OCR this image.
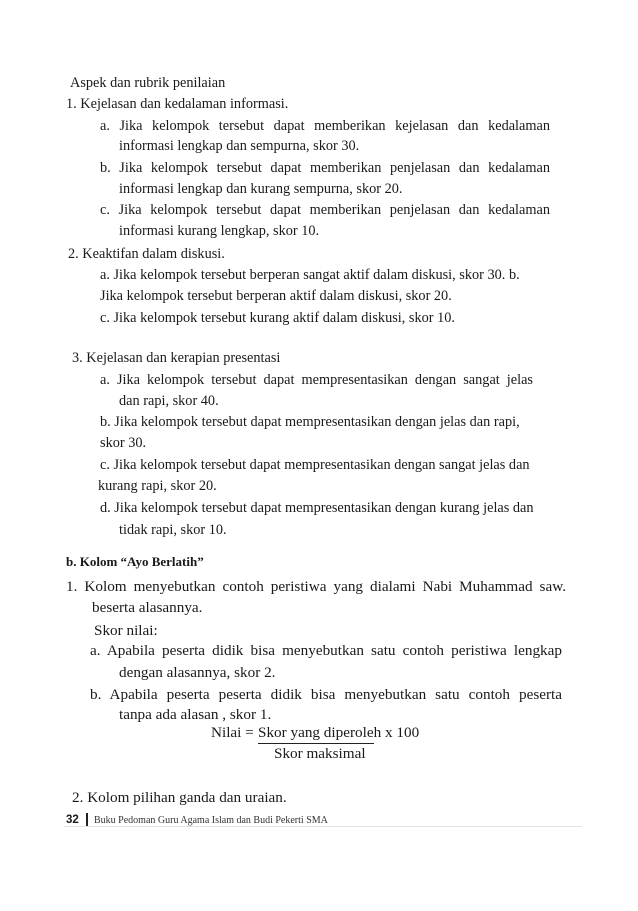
Aspek dan rubrik penilaian
1. Kejelasan dan kedalaman informasi.
a. Jika kelompok tersebut dapat memberikan kejelasan dan kedalaman
informasi lengkap dan sempurna, skor 30.
b. Jika kelompok tersebut dapat memberikan penjelasan dan kedalaman
informasi lengkap dan kurang sempurna, skor 20.
c. Jika kelompok tersebut dapat memberikan penjelasan dan kedalaman
informasi kurang lengkap, skor 10.
2. Keaktifan dalam diskusi.
a. Jika kelompok tersebut berperan sangat aktif dalam diskusi, skor 30. b.
Jika kelompok tersebut berperan aktif dalam diskusi, skor 20.
c. Jika kelompok tersebut kurang aktif dalam diskusi, skor 10.
3. Kejelasan dan kerapian presentasi
a. Jika kelompok tersebut dapat mempresentasikan dengan sangat jelas
dan rapi, skor 40.
b. Jika kelompok tersebut dapat mempresentasikan dengan jelas dan rapi,
skor 30.
c. Jika kelompok tersebut dapat mempresentasikan dengan sangat jelas dan
kurang rapi, skor 20.
d. Jika kelompok tersebut dapat mempresentasikan dengan kurang jelas dan
tidak rapi, skor 10.
b. Kolom “Ayo Berlatih”
1. Kolom menyebutkan contoh peristiwa yang dialami Nabi Muhammad saw.
beserta alasannya.
Skor nilai:
a. Apabila peserta didik bisa menyebutkan satu contoh peristiwa lengkap
dengan alasannya, skor 2.
b. Apabila peserta peserta didik bisa menyebutkan satu contoh peserta
tanpa ada alasan , skor 1.
Nilai = Skor yang diperoleh x 100
Skor maksimal
2. Kolom pilihan ganda dan uraian.
32 Buku Pedoman Guru Agama Islam dan Budi Pekerti SMA
